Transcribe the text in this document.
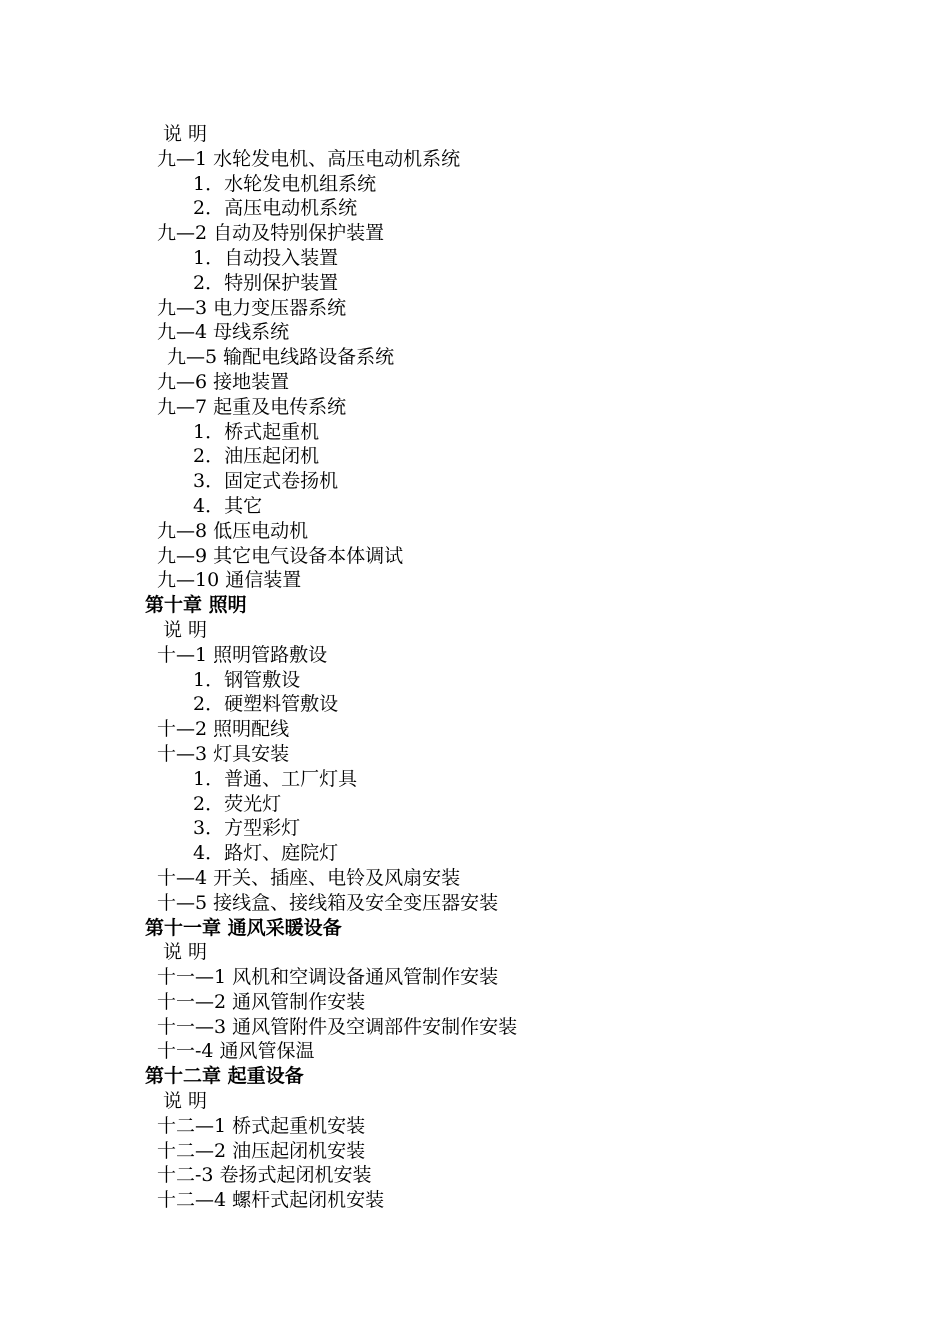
说 明
九—1 水轮发电机、高压电动机系统
1．水轮发电机组系统
2．高压电动机系统
九—2 自动及特别保护装置
1．自动投入装置
2．特别保护装置
九—3 电力变压器系统
九—4 母线系统
九—5 输配电线路设备系统
九—6 接地装置
九—7 起重及电传系统
1．桥式起重机
2．油压起闭机
3．固定式卷扬机
4．其它
九—8 低压电动机
九—9 其它电气设备本体调试
九—10 通信装置
第十章 照明
说 明
十—1 照明管路敷设
1．钢管敷设
2．硬塑料管敷设
十—2 照明配线
十—3 灯具安装
1．普通、工厂灯具
2．荧光灯
3．方型彩灯
4．路灯、庭院灯
十—4 开关、插座、电铃及风扇安装
十—5 接线盒、接线箱及安全变压器安装
第十一章 通风采暖设备
说 明
十一—1 风机和空调设备通风管制作安装
十一—2 通风管制作安装
十一—3 通风管附件及空调部件安制作安装
十一-4 通风管保温
第十二章 起重设备
说 明
十二—1 桥式起重机安装
十二—2 油压起闭机安装
十二-3 卷扬式起闭机安装
十二—4 螺杆式起闭机安装
